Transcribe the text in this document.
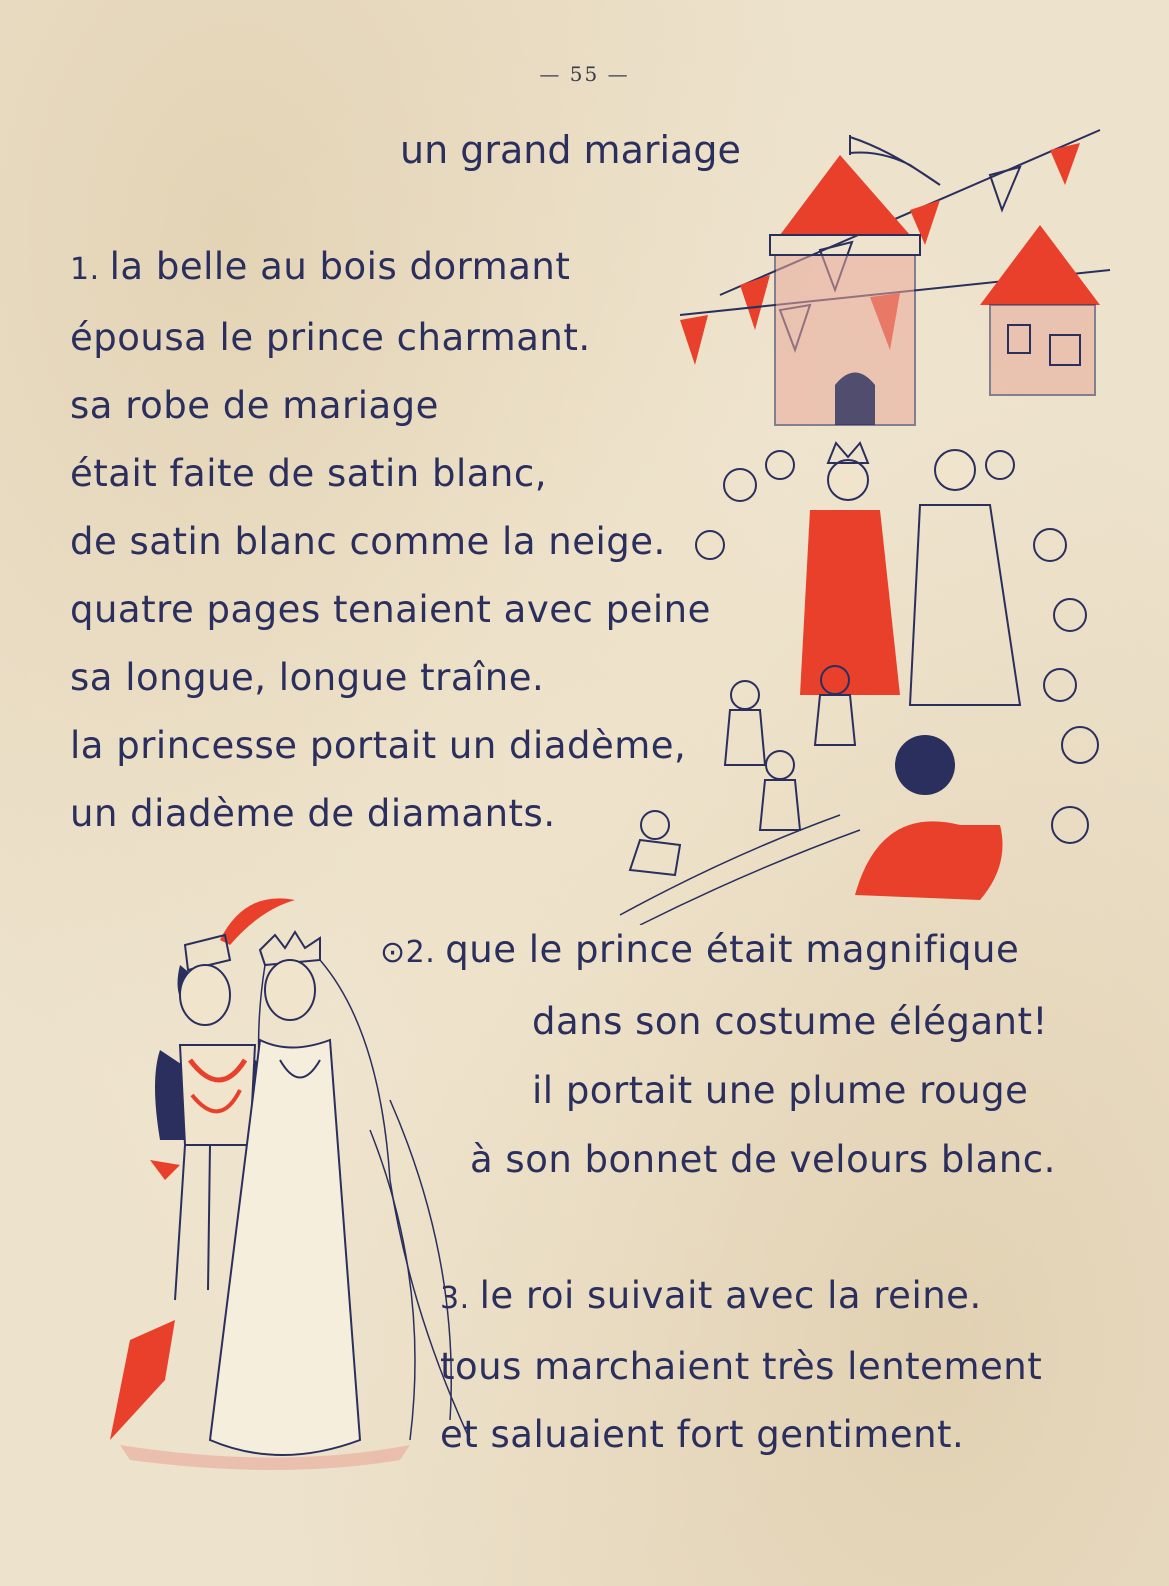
— 55 —
un grand mariage
1. la belle au bois dormant
épousa le prince charmant.
sa robe de mariage
était faite de satin blanc,
de satin blanc comme la neige.
quatre pages tenaient avec peine
sa longue, longue traîne.
la princesse portait un diadème,
un diadème de diamants.
⊙2. que le prince était magnifique
dans son costume élégant!
il portait une plume rouge
à son bonnet de velours blanc.
3. le roi suivait avec la reine.
tous marchaient très lentement
et saluaient fort gentiment.
